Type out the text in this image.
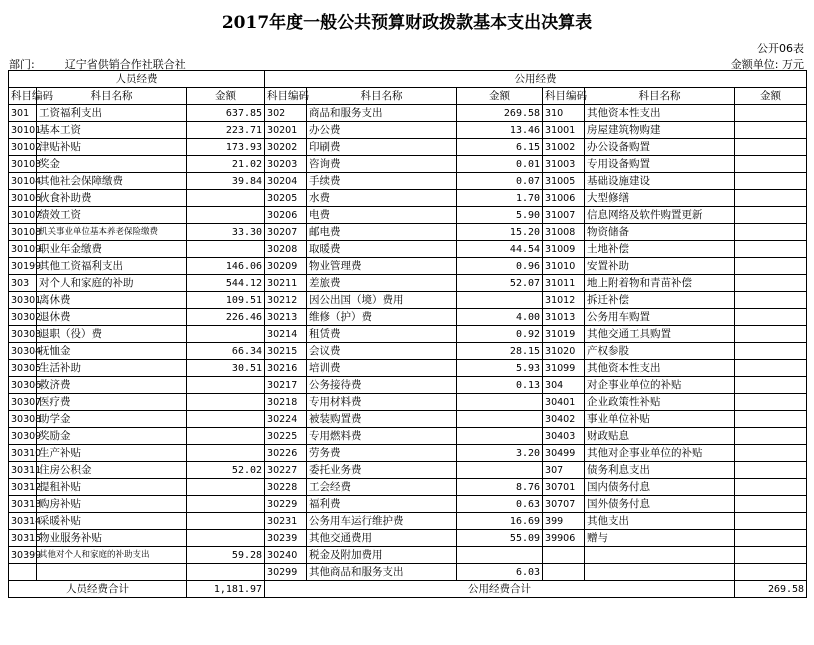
2017年度一般公共预算财政拨款基本支出决算表
公开06表
部门:	辽宁省供销合作社联合社	金额单位: 万元
人员经费			公用经费					
科目编码	科目名称	金额	科目编码	科目名称	金额	科目编码	科目名称	金额
301	工资福利支出	637.85	302	商品和服务支出	269.58	310	其他资本性支出	
30101	基本工资	223.71	30201	办公费	13.46	31001	房屋建筑物购建	
30102	津贴补贴	173.93	30202	印刷费	6.15	31002	办公设备购置	
30103	奖金	21.02	30203	咨询费	0.01	31003	专用设备购置	
30104	其他社会保障缴费	39.84	30204	手续费	0.07	31005	基础设施建设	
30106	伙食补助费		30205	水费	1.70	31006	大型修缮	
30107	绩效工资		30206	电费	5.90	31007	信息网络及软件购置更新	
30108	机关事业单位基本养老保险缴费	33.30	30207	邮电费	15.20	31008	物资储备	
30109	职业年金缴费		30208	取暖费	44.54	31009	土地补偿	
30199	其他工资福利支出	146.06	30209	物业管理费	0.96	31010	安置补助	
303	对个人和家庭的补助	544.12	30211	差旅费	52.07	31011	地上附着物和青苗补偿	
30301	离休费	109.51	30212	因公出国（境）费用		31012	拆迁补偿	
30302	退休费	226.46	30213	维修（护）费	4.00	31013	公务用车购置	
30303	退职（役）费		30214	租赁费	0.92	31019	其他交通工具购置	
30304	抚恤金	66.34	30215	会议费	28.15	31020	产权参股	
30305	生活补助	30.51	30216	培训费	5.93	31099	其他资本性支出	
30306	救济费		30217	公务接待费	0.13	304	对企事业单位的补贴	
30307	医疗费		30218	专用材料费		30401	企业政策性补贴	
30308	助学金		30224	被装购置费		30402	事业单位补贴	
30309	奖励金		30225	专用燃料费		30403	财政贴息	
30310	生产补贴		30226	劳务费	3.20	30499	其他对企事业单位的补贴	
30311	住房公积金	52.02	30227	委托业务费		307	债务利息支出	
30312	提租补贴		30228	工会经费	8.76	30701	国内债务付息	
30313	购房补贴		30229	福利费	0.63	30707	国外债务付息	
30314	采暖补贴		30231	公务用车运行维护费	16.69	399	其他支出	
30315	物业服务补贴		30239	其他交通费用	55.09	39906	赠与	
30399	其他对个人和家庭的补助支出	59.28	30240	税金及附加费用				
			30299	其他商品和服务支出	6.03			
人员经费合计		1,181.97	公用经费合计					269.58
